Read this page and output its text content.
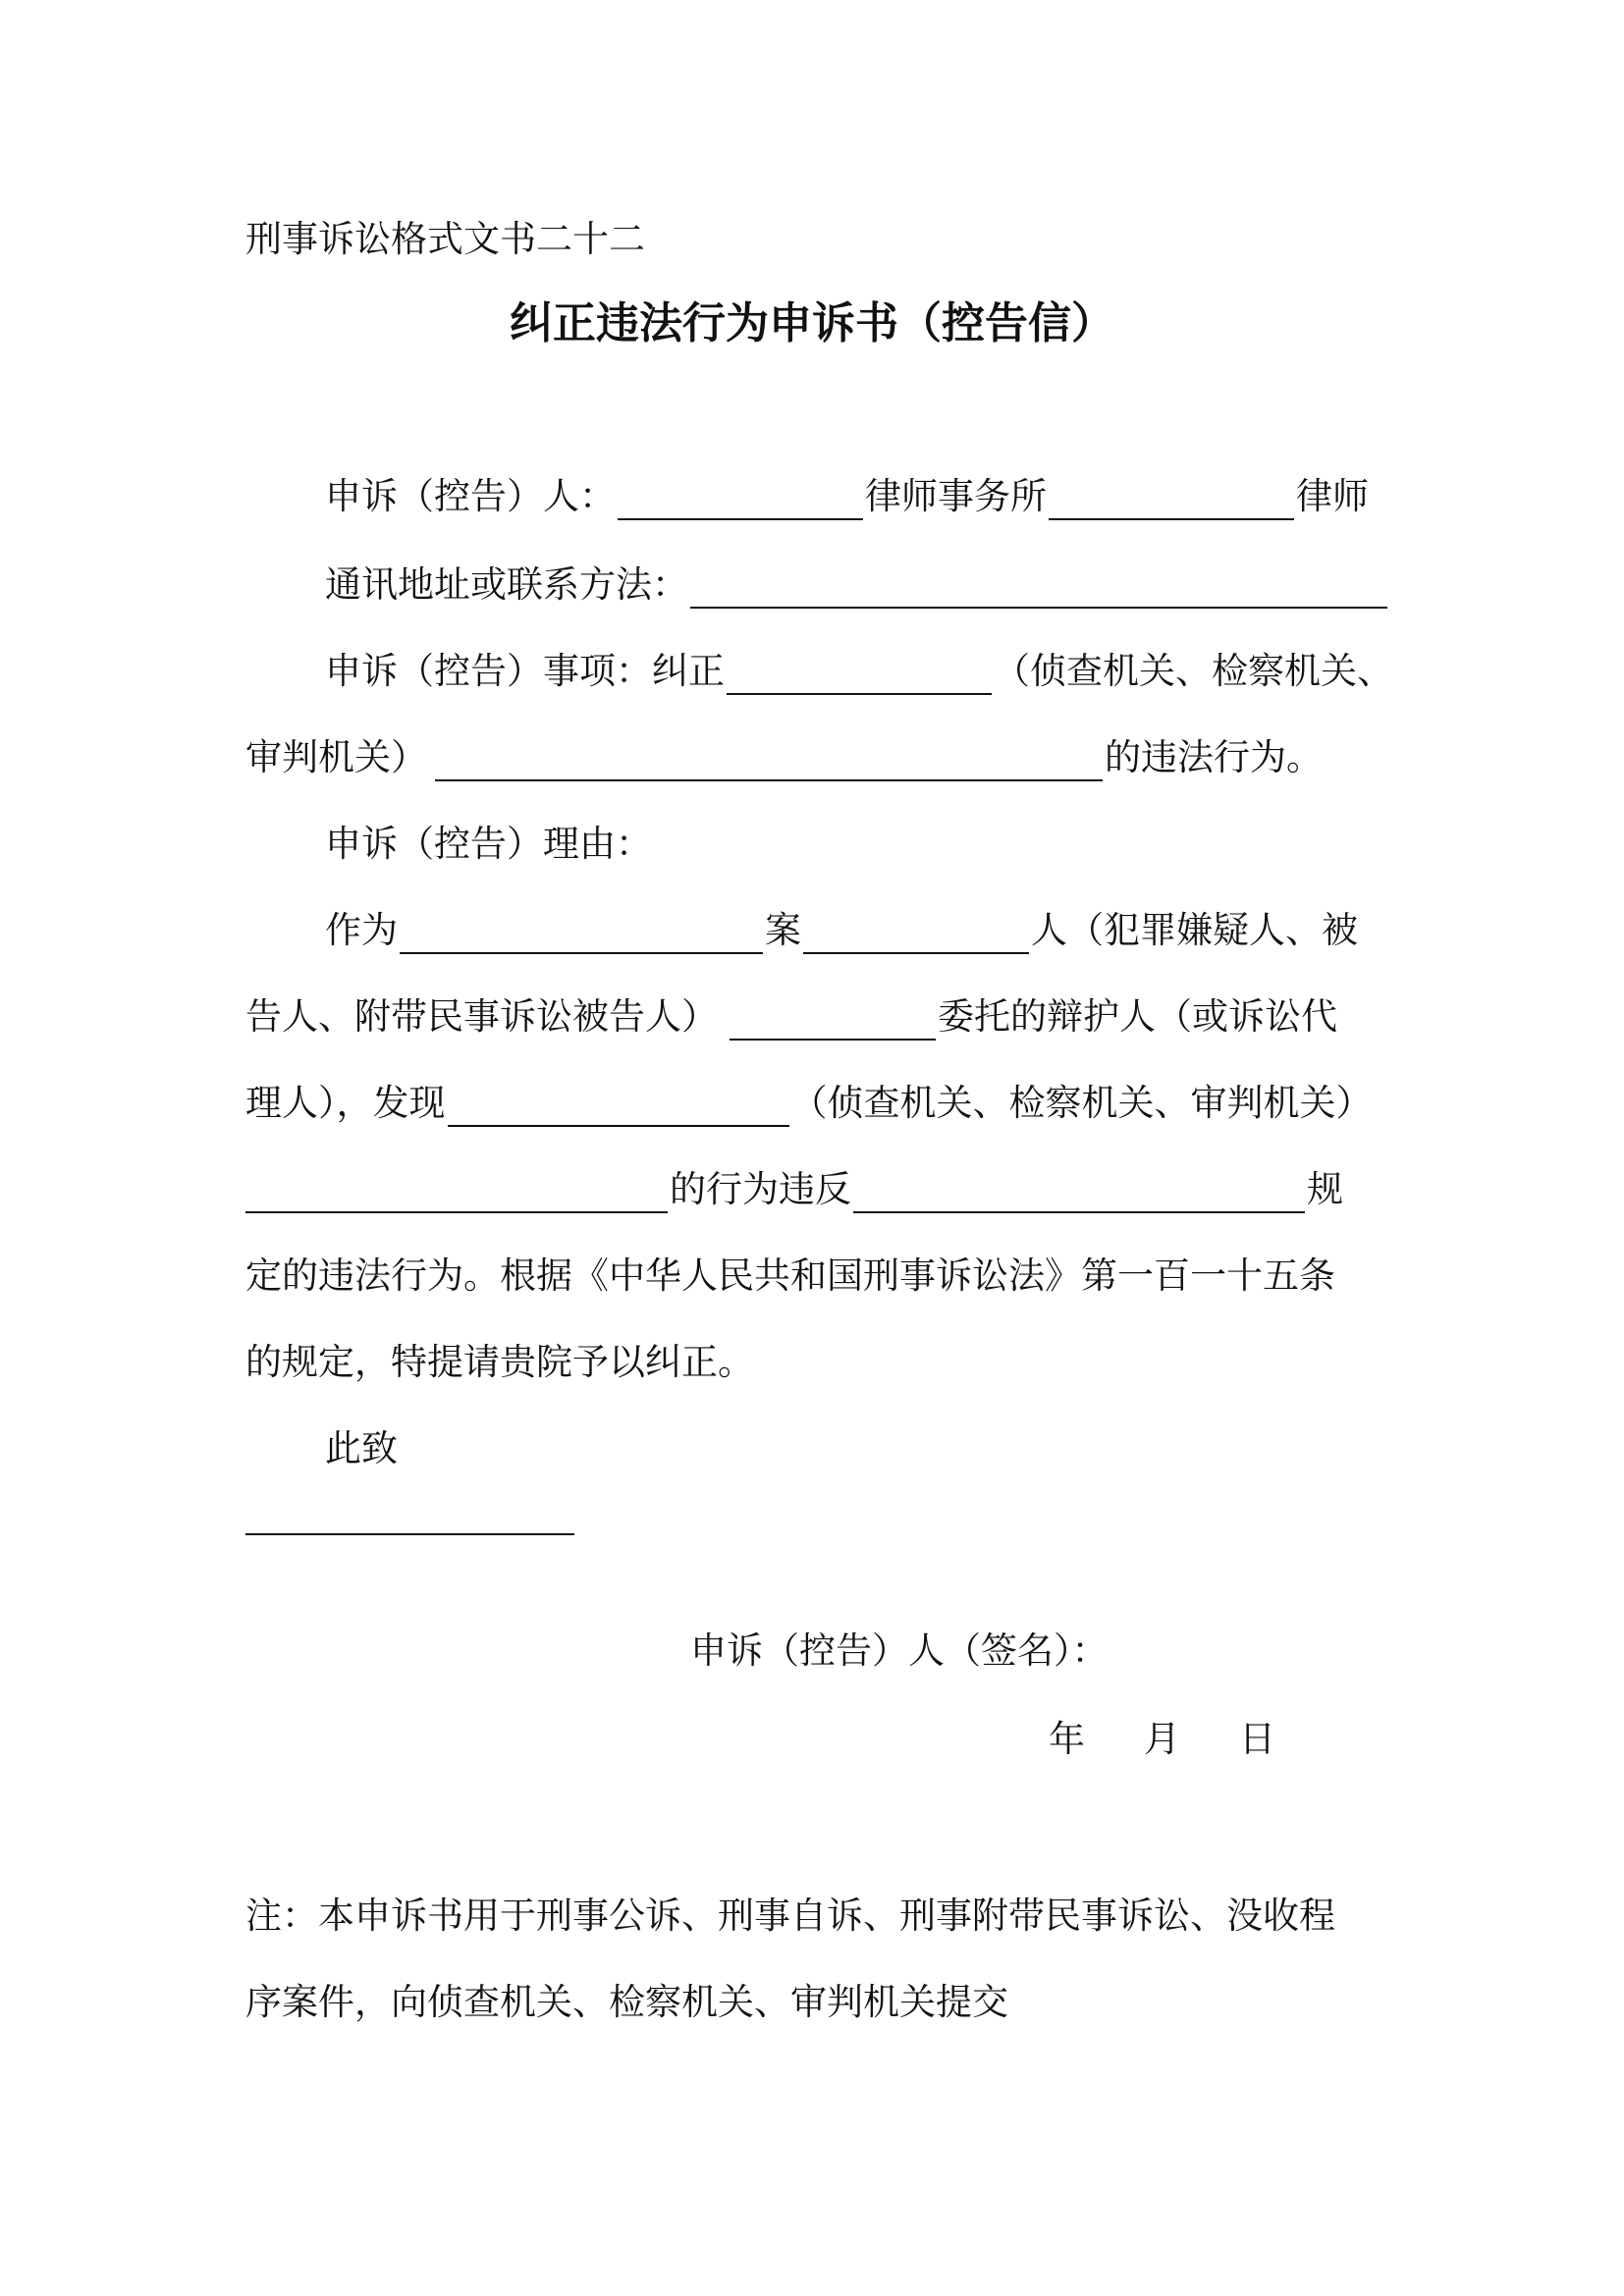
刑事诉讼格式文书二十二
纠正违法行为申诉书（控告信）
申诉（控告）人：	律师事务所	律师
通讯地址或联系方法：
申诉（控告）事项：纠正	（侦查机关、检察机关、
审判机关）	的违法行为。
申诉（控告）理由：
作为	案	人（犯罪嫌疑人、被
告人、附带民事诉讼被告人）	委托的辩护人（或诉讼代
理人），发现	（侦查机关、检察机关、审判机关）
的行为违反	规
定的违法行为。根据《中华人民共和国刑事诉讼法》第一百一十五条
的规定，特提请贵院予以纠正。
此致
申诉（控告）人（签名）：
年 月 日
注：本申诉书用于刑事公诉、刑事自诉、刑事附带民事诉讼、没收程
序案件，向侦查机关、检察机关、审判机关提交
